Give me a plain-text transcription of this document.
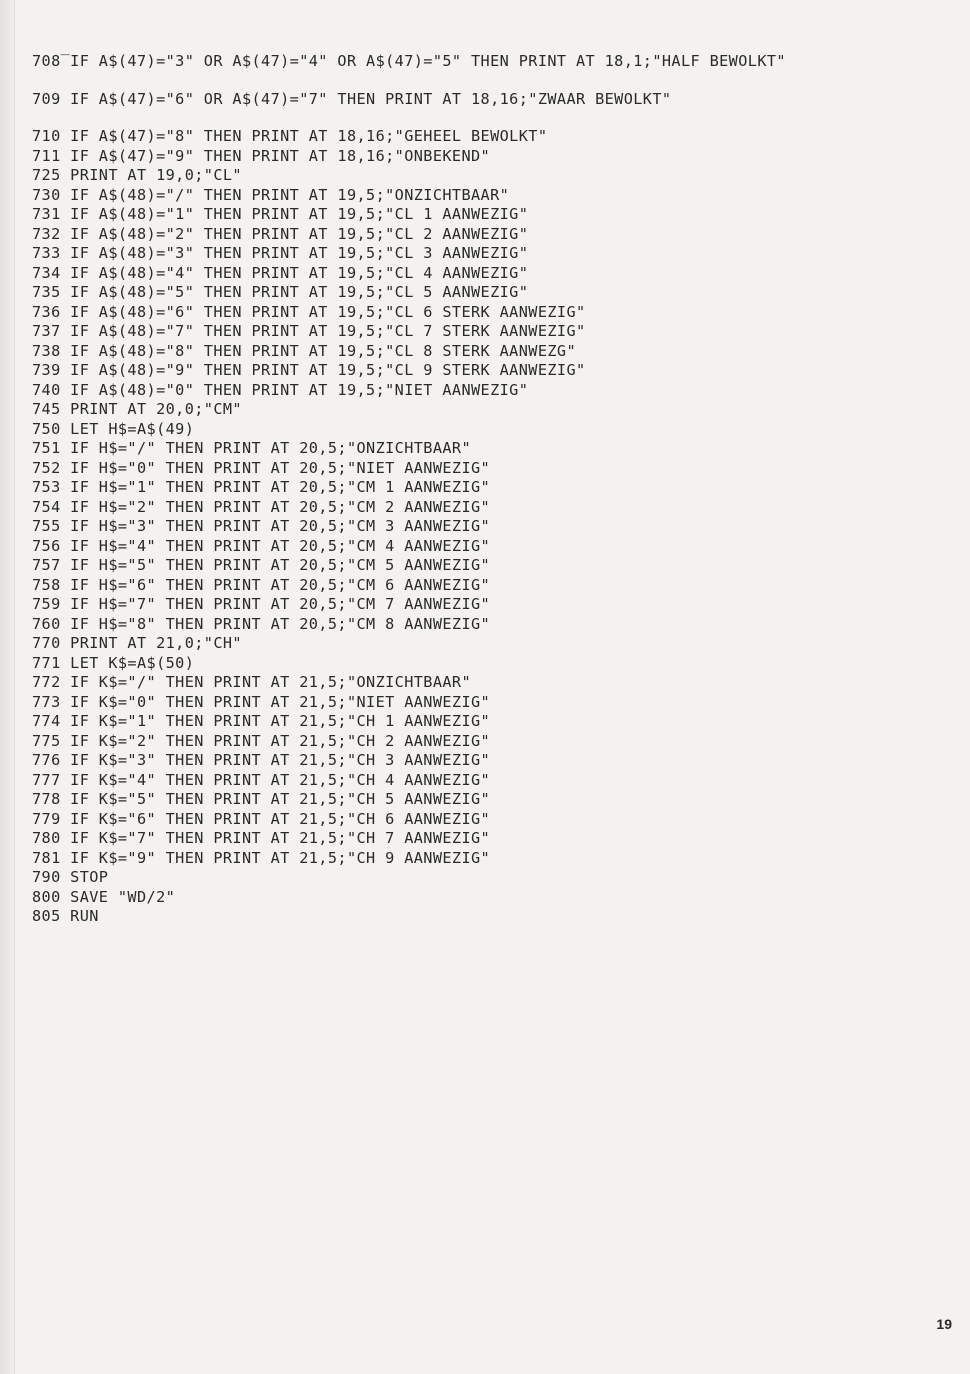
708‾IF A$(47)="3" OR A$(47)="4" OR A$(47)="5" THEN PRINT AT 18,1;"HALF BEWOLKT"
709 IF A$(47)="6" OR A$(47)="7" THEN PRINT AT 18,16;"ZWAAR BEWOLKT"
710 IF A$(47)="8" THEN PRINT AT 18,16;"GEHEEL BEWOLKT"
711 IF A$(47)="9" THEN PRINT AT 18,16;"ONBEKEND"
725 PRINT AT 19,0;"CL"
730 IF A$(48)="/" THEN PRINT AT 19,5;"ONZICHTBAAR"
731 IF A$(48)="1" THEN PRINT AT 19,5;"CL 1 AANWEZIG"
732 IF A$(48)="2" THEN PRINT AT 19,5;"CL 2 AANWEZIG"
733 IF A$(48)="3" THEN PRINT AT 19,5;"CL 3 AANWEZIG"
734 IF A$(48)="4" THEN PRINT AT 19,5;"CL 4 AANWEZIG"
735 IF A$(48)="5" THEN PRINT AT 19,5;"CL 5 AANWEZIG"
736 IF A$(48)="6" THEN PRINT AT 19,5;"CL 6 STERK AANWEZIG"
737 IF A$(48)="7" THEN PRINT AT 19,5;"CL 7 STERK AANWEZIG"
738 IF A$(48)="8" THEN PRINT AT 19,5;"CL 8 STERK AANWEZG"
739 IF A$(48)="9" THEN PRINT AT 19,5;"CL 9 STERK AANWEZIG"
740 IF A$(48)="0" THEN PRINT AT 19,5;"NIET AANWEZIG"
745 PRINT AT 20,0;"CM"
750 LET H$=A$(49)
751 IF H$="/" THEN PRINT AT 20,5;"ONZICHTBAAR"
752 IF H$="0" THEN PRINT AT 20,5;"NIET AANWEZIG"
753 IF H$="1" THEN PRINT AT 20,5;"CM 1 AANWEZIG"
754 IF H$="2" THEN PRINT AT 20,5;"CM 2 AANWEZIG"
755 IF H$="3" THEN PRINT AT 20,5;"CM 3 AANWEZIG"
756 IF H$="4" THEN PRINT AT 20,5;"CM 4 AANWEZIG"
757 IF H$="5" THEN PRINT AT 20,5;"CM 5 AANWEZIG"
758 IF H$="6" THEN PRINT AT 20,5;"CM 6 AANWEZIG"
759 IF H$="7" THEN PRINT AT 20,5;"CM 7 AANWEZIG"
760 IF H$="8" THEN PRINT AT 20,5;"CM 8 AANWEZIG"
770 PRINT AT 21,0;"CH"
771 LET K$=A$(50)
772 IF K$="/" THEN PRINT AT 21,5;"ONZICHTBAAR"
773 IF K$="0" THEN PRINT AT 21,5;"NIET AANWEZIG"
774 IF K$="1" THEN PRINT AT 21,5;"CH 1 AANWEZIG"
775 IF K$="2" THEN PRINT AT 21,5;"CH 2 AANWEZIG"
776 IF K$="3" THEN PRINT AT 21,5;"CH 3 AANWEZIG"
777 IF K$="4" THEN PRINT AT 21,5;"CH 4 AANWEZIG"
778 IF K$="5" THEN PRINT AT 21,5;"CH 5 AANWEZIG"
779 IF K$="6" THEN PRINT AT 21,5;"CH 6 AANWEZIG"
780 IF K$="7" THEN PRINT AT 21,5;"CH 7 AANWEZIG"
781 IF K$="9" THEN PRINT AT 21,5;"CH 9 AANWEZIG"
790 STOP
800 SAVE "WD/2"
805 RUN
19
